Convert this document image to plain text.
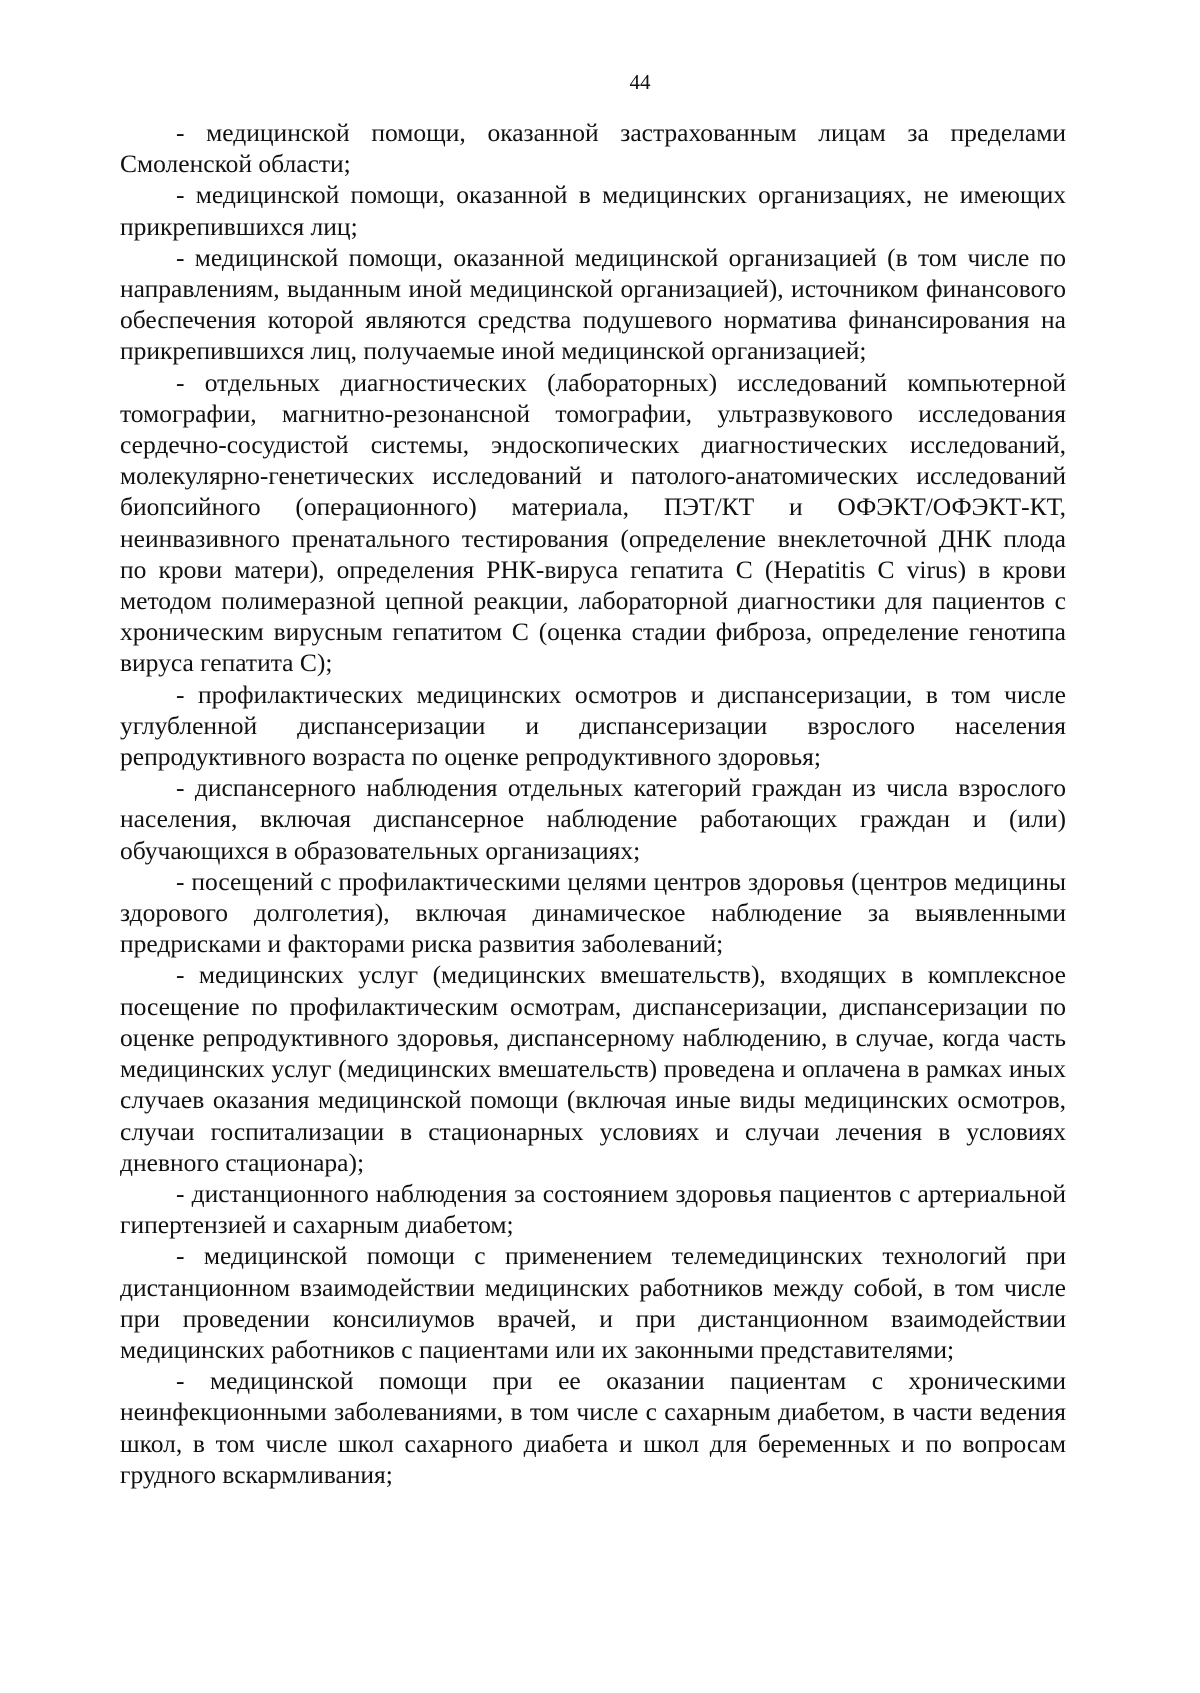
44

- медицинской помощи, оказанной застрахованным лицам за пределами Смоленской области;

- медицинской помощи, оказанной в медицинских организациях, не имеющих прикрепившихся лиц;

- медицинской помощи, оказанной медицинской организацией (в том числе по направлениям, выданным иной медицинской организацией), источником финансового обеспечения которой являются средства подушевого норматива финансирования на прикрепившихся лиц, получаемые иной медицинской организацией;

- отдельных диагностических (лабораторных) исследований компьютерной томографии, магнитно-резонансной томографии, ультразвукового исследования сердечно-сосудистой системы, эндоскопических диагностических исследований, молекулярно-генетических исследований и патолого-анатомических исследований биопсийного (операционного) материала, ПЭТ/КТ и ОФЭКТ/ОФЭКТ-КТ, неинвазивного пренатального тестирования (определение внеклеточной ДНК плода по крови матери), определения РНК-вируса гепатита С (Hepatitis C virus) в крови методом полимеразной цепной реакции, лабораторной диагностики для пациентов с хроническим вирусным гепатитом С (оценка стадии фиброза, определение генотипа вируса гепатита С);

- профилактических медицинских осмотров и диспансеризации, в том числе углубленной диспансеризации и диспансеризации взрослого населения репродуктивного возраста по оценке репродуктивного здоровья;

- диспансерного наблюдения отдельных категорий граждан из числа взрослого населения, включая диспансерное наблюдение работающих граждан и (или) обучающихся в образовательных организациях;

- посещений с профилактическими целями центров здоровья (центров медицины здорового долголетия), включая динамическое наблюдение за выявленными предрисками и факторами риска развития заболеваний;

- медицинских услуг (медицинских вмешательств), входящих в комплексное посещение по профилактическим осмотрам, диспансеризации, диспансеризации по оценке репродуктивного здоровья, диспансерному наблюдению, в случае, когда часть медицинских услуг (медицинских вмешательств) проведена и оплачена в рамках иных случаев оказания медицинской помощи (включая иные виды медицинских осмотров, случаи госпитализации в стационарных условиях и случаи лечения в условиях дневного стационара);

- дистанционного наблюдения за состоянием здоровья пациентов с артериальной гипертензией и сахарным диабетом;

- медицинской помощи с применением телемедицинских технологий при дистанционном взаимодействии медицинских работников между собой, в том числе при проведении консилиумов врачей, и при дистанционном взаимодействии медицинских работников с пациентами или их законными представителями;

- медицинской помощи при ее оказании пациентам с хроническими неинфекционными заболеваниями, в том числе с сахарным диабетом, в части ведения школ, в том числе школ сахарного диабета и школ для беременных и по вопросам грудного вскармливания;
